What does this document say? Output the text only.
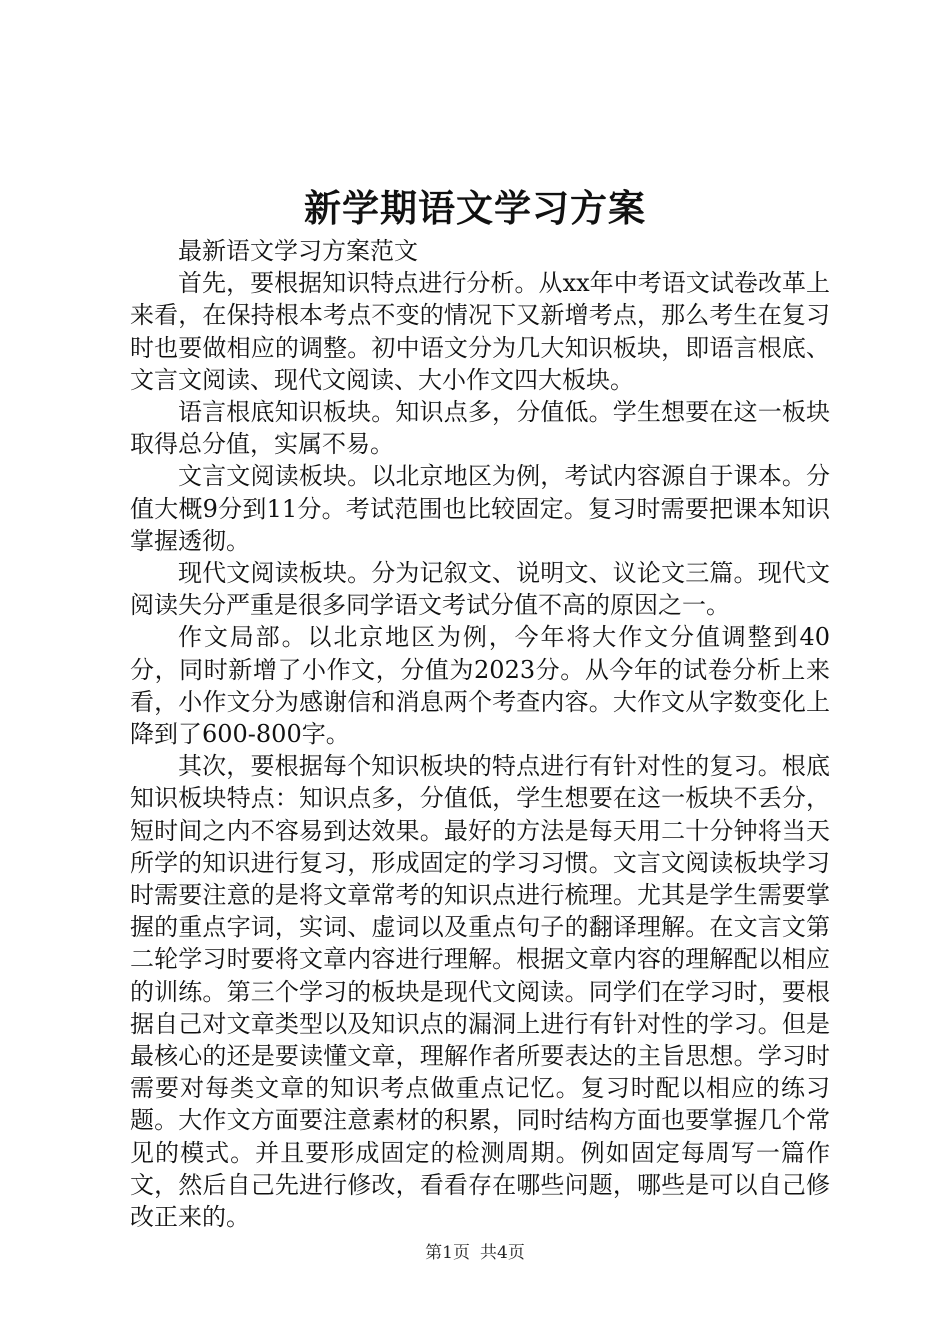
新学期语文学习方案

最新语文学习方案范文

首先，要根据知识特点进行分析。从xx年中考语文试卷改革上来看，在保持根本考点不变的情况下又新增考点，那么考生在复习时也要做相应的调整。初中语文分为几大知识板块，即语言根底、文言文阅读、现代文阅读、大小作文四大板块。

语言根底知识板块。知识点多，分值低。学生想要在这一板块取得总分值，实属不易。

文言文阅读板块。以北京地区为例，考试内容源自于课本。分值大概9分到11分。考试范围也比较固定。复习时需要把课本知识掌握透彻。

现代文阅读板块。分为记叙文、说明文、议论文三篇。现代文阅读失分严重是很多同学语文考试分值不高的原因之一。

作文局部。以北京地区为例，今年将大作文分值调整到40分，同时新增了小作文，分值为2023分。从今年的试卷分析上来看，小作文分为感谢信和消息两个考查内容。大作文从字数变化上降到了600-800字。

其次，要根据每个知识板块的特点进行有针对性的复习。根底知识板块特点：知识点多，分值低，学生想要在这一板块不丢分，短时间之内不容易到达效果。最好的方法是每天用二十分钟将当天所学的知识进行复习，形成固定的学习习惯。文言文阅读板块学习时需要注意的是将文章常考的知识点进行梳理。尤其是学生需要掌握的重点字词，实词、虚词以及重点句子的翻译理解。在文言文第二轮学习时要将文章内容进行理解。根据文章内容的理解配以相应的训练。第三个学习的板块是现代文阅读。同学们在学习时，要根据自己对文章类型以及知识点的漏洞上进行有针对性的学习。但是最核心的还是要读懂文章，理解作者所要表达的主旨思想。学习时需要对每类文章的知识考点做重点记忆。复习时配以相应的练习题。大作文方面要注意素材的积累，同时结构方面也要掌握几个常见的模式。并且要形成固定的检测周期。例如固定每周写一篇作文，然后自己先进行修改，看看存在哪些问题，哪些是可以自己修改正来的。

第1页 共4页
